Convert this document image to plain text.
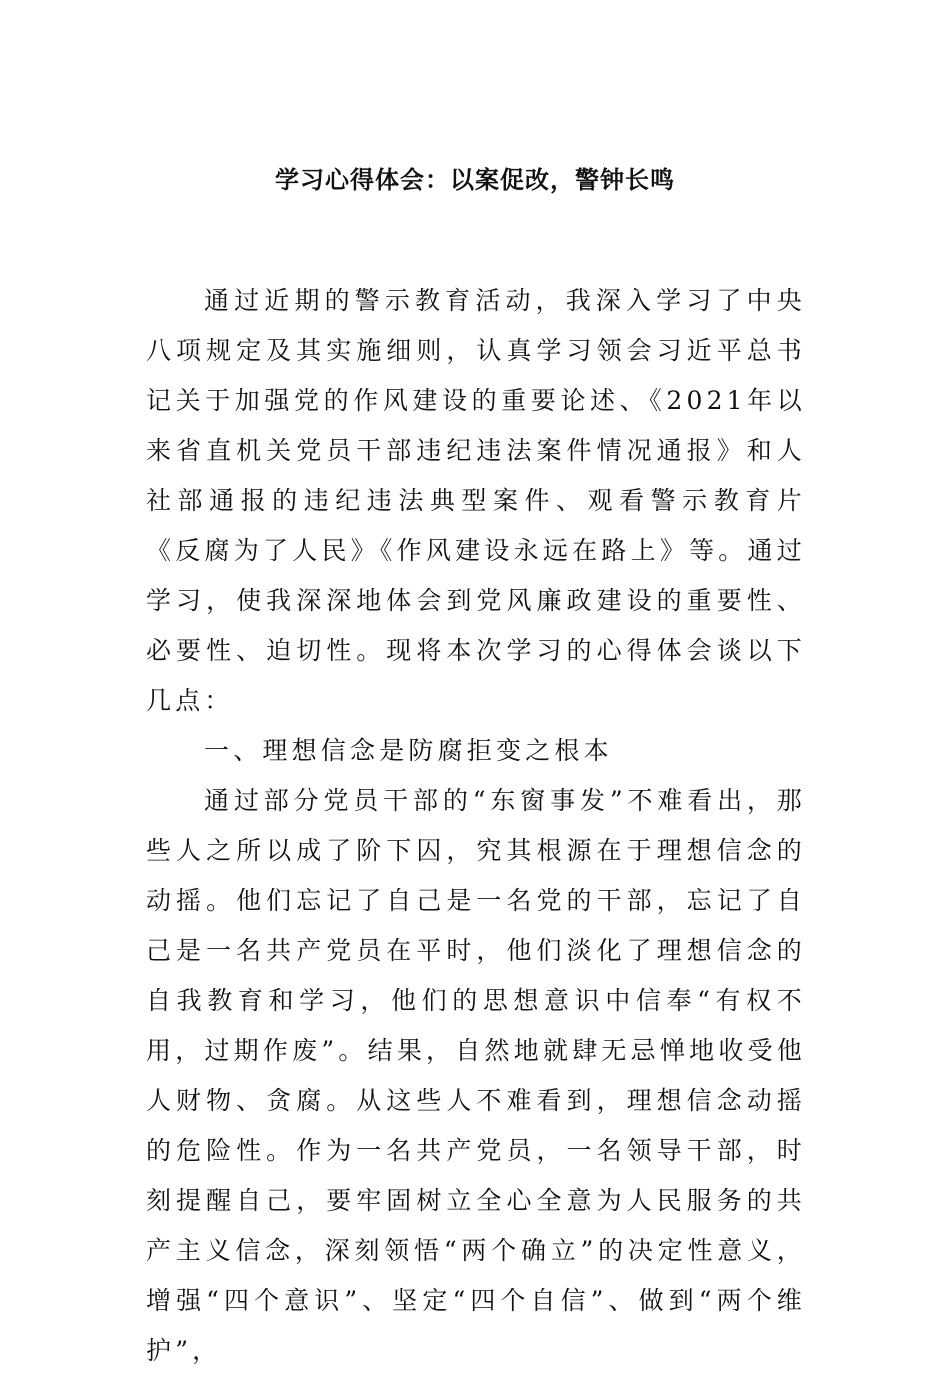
学习心得体会：以案促改，警钟长鸣

通过近期的警示教育活动，我深入学习了中央八项规定及其实施细则，认真学习领会习近平总书记关于加强党的作风建设的重要论述、《2021年以来省直机关党员干部违纪违法案件情况通报》和人社部通报的违纪违法典型案件、观看警示教育片《反腐为了人民》《作风建设永远在路上》等。通过学习，使我深深地体会到党风廉政建设的重要性、必要性、迫切性。现将本次学习的心得体会谈以下几点：

一、理想信念是防腐拒变之根本

通过部分党员干部的“东窗事发”不难看出，那些人之所以成了阶下囚，究其根源在于理想信念的动摇。他们忘记了自己是一名党的干部，忘记了自己是一名共产党员在平时，他们淡化了理想信念的自我教育和学习，他们的思想意识中信奉“有权不用，过期作废”。结果，自然地就肆无忌惮地收受他人财物、贪腐。从这些人不难看到，理想信念动摇的危险性。作为一名共产党员，一名领导干部，时刻提醒自己，要牢固树立全心全意为人民服务的共产主义信念，深刻领悟“两个确立”的决定性意义，增强“四个意识”、坚定“四个自信”、做到“两个维护”，
